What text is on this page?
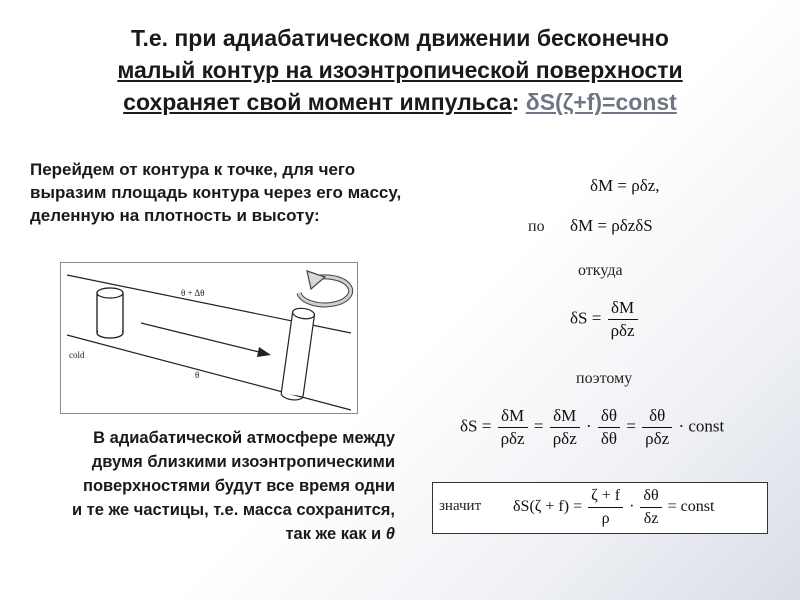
Т.е. при адиабатическом движении бесконечно
малый контур на изоэнтропической поверхности
сохраняет свой момент импульса: δS(ζ+f)=const
Перейдем от контура к точке, для чего выразим площадь контура через его массу, деленную на плотность и высоту:
θ + Δθ
θ
cold
В адиабатической атмосфере между двумя близкими изоэнтропическими поверхностями будут все время одни и те же частицы, т.е. масса сохранится, так же как и θ
δM = ρδz,
по δM = ρδzδS
откуда
$\delta S = \frac{\delta M}{\text{ρδz}}$
поэтому
$\delta S = \frac{\delta M}{\text{ρδz}} = \frac{\delta M}{\text{ρδz}} \cdot \frac{\delta\theta}{\delta\theta} = \frac{\delta\theta}{\text{ρδz}}$ · const
значит $\delta S(\zeta + f) = \frac{\zeta + f}{\rho} \cdot \frac{\delta\theta}{\delta z}$ = const
